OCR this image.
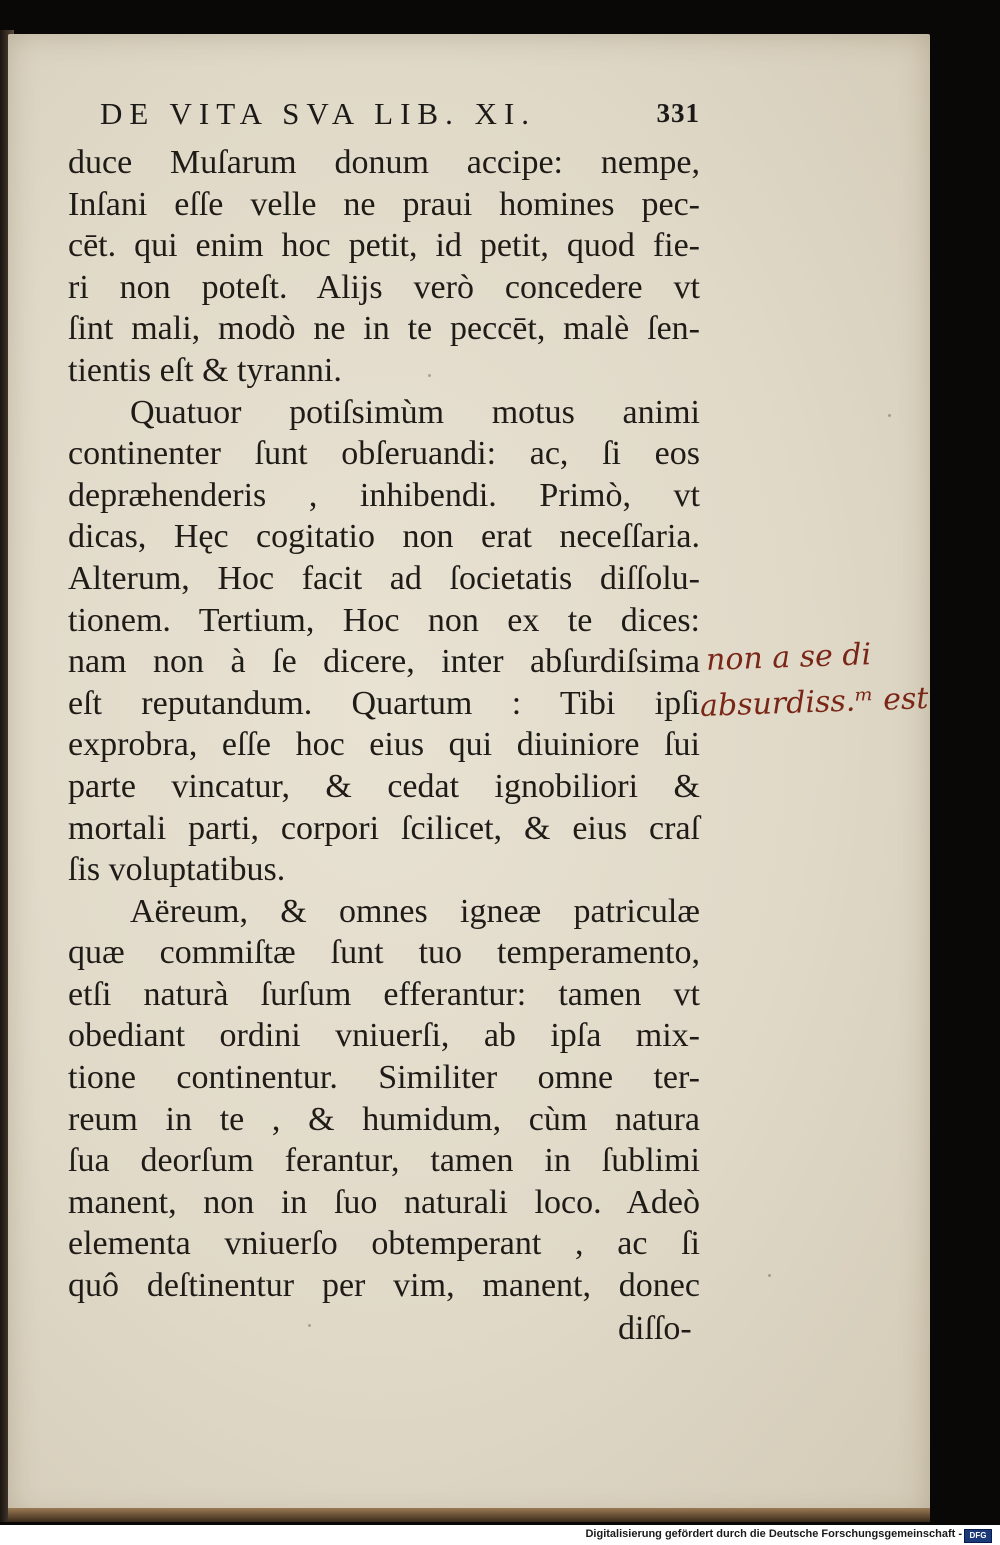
DE VITA SVA LIB. XI.	331
duce Muſarum donum accipe: nempe,
Inſani eſſe velle ne praui homines pec-
cēt. qui enim hoc petit, id petit, quod fie-
ri non poteſt. Alijs verò concedere vt
ſint mali, modò ne in te peccēt, malè ſen-
tientis eſt & tyranni.
Quatuor potiſsimùm motus animi
continenter ſunt obſeruandi: ac, ſi eos
depræhenderis , inhibendi. Primò, vt
dicas, Hęc cogitatio non erat neceſſaria.
Alterum, Hoc facit ad ſocietatis diſſolu-
tionem. Tertium, Hoc non ex te dices:
nam non à ſe dicere, inter abſurdiſsima
eſt reputandum. Quartum : Tibi ipſi
exprobra, eſſe hoc eius qui diuiniore ſui
parte vincatur, & cedat ignobiliori &
mortali parti, corpori ſcilicet, & eius craſ
ſis voluptatibus.
Aëreum, & omnes igneæ patriculæ
quæ commiſtæ ſunt tuo temperamento,
etſi naturà ſurſum efferantur: tamen vt
obediant ordini vniuerſi, ab ipſa mix-
tione continentur. Similiter omne ter-
reum in te , & humidum, cùm natura
ſua deorſum ferantur, tamen in ſublimi
manent, non in ſuo naturali loco. Adeò
elementa vniuerſo obtemperant , ac ſi
quô deſtinentur per vim, manent, donec
diſſo-
non a se di
absurdiss.ᵐ est
Digitalisierung gefördert durch die Deutsche Forschungsgemeinschaft - DFG
